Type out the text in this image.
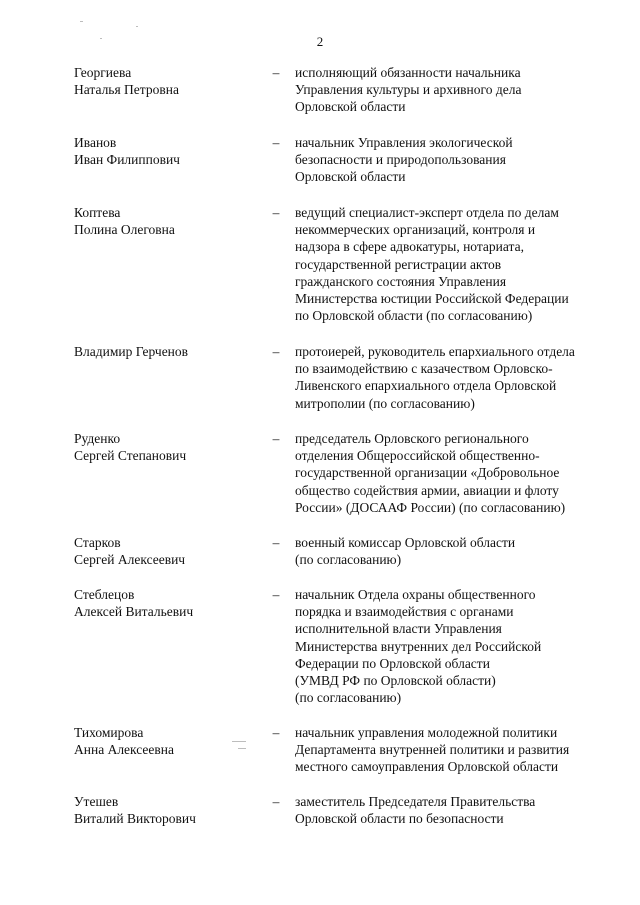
2
Георгиева
Наталья Петровна
– исполняющий обязанности начальника
Управления культуры и архивного дела
Орловской области
Иванов
Иван Филиппович
– начальник Управления экологической
безопасности и природопользования
Орловской области
Коптева
Полина Олеговна
– ведущий специалист-эксперт отдела по делам
некоммерческих организаций, контроля и
надзора в сфере адвокатуры, нотариата,
государственной регистрации актов
гражданского состояния Управления
Министерства юстиции Российской Федерации
по Орловской области (по согласованию)
Владимир Герченов	– протоиерей, руководитель епархиального отдела
по взаимодействию с казачеством Орловско-
Ливенского епархиального отдела Орловской
митрополии (по согласованию)
Руденко
Сергей Степанович
– председатель Орловского регионального
отделения Общероссийской общественно-
государственной организации «Добровольное
общество содействия армии, авиации и флоту
России» (ДОСААФ России) (по согласованию)
Старков
Сергей Алексеевич
– военный комиссар Орловской области
(по согласованию)
Стеблецов
Алексей Витальевич
– начальник Отдела охраны общественного
порядка и взаимодействия с органами
исполнительной власти Управления
Министерства внутренних дел Российской
Федерации по Орловской области
(УМВД РФ по Орловской области)
(по согласованию)
Тихомирова
Анна Алексеевна
– начальник управления молодежной политики
Департамента внутренней политики и развития
местного самоуправления Орловской области
Утешев
Виталий Викторович
– заместитель Председателя Правительства
Орловской области по безопасности
